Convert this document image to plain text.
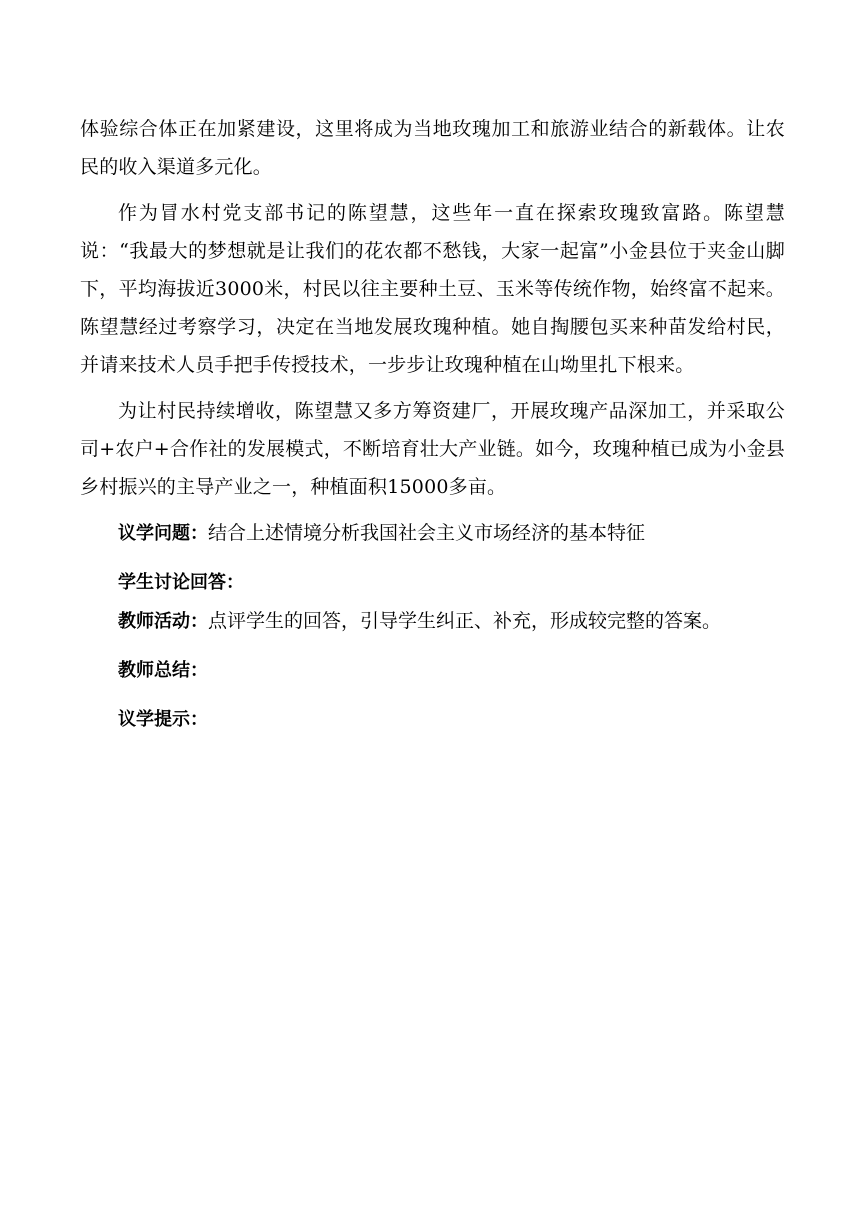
体验综合体正在加紧建设，这里将成为当地玫瑰加工和旅游业结合的新载体。让农民的收入渠道多元化。

作为冒水村党支部书记的陈望慧，这些年一直在探索玫瑰致富路。陈望慧说：“我最大的梦想就是让我们的花农都不愁钱，大家一起富”小金县位于夹金山脚下，平均海拔近3000米，村民以往主要种土豆、玉米等传统作物，始终富不起来。陈望慧经过考察学习，决定在当地发展玫瑰种植。她自掏腰包买来种苗发给村民，并请来技术人员手把手传授技术，一步步让玫瑰种植在山坳里扎下根来。

为让村民持续增收，陈望慧又多方筹资建厂，开展玫瑰产品深加工，并采取公司+农户+合作社的发展模式，不断培育壮大产业链。如今，玫瑰种植已成为小金县乡村振兴的主导产业之一，种植面积15000多亩。

议学问题：结合上述情境分析我国社会主义市场经济的基本特征

学生讨论回答：

教师活动：点评学生的回答，引导学生纠正、补充，形成较完整的答案。

教师总结：

议学提示：
